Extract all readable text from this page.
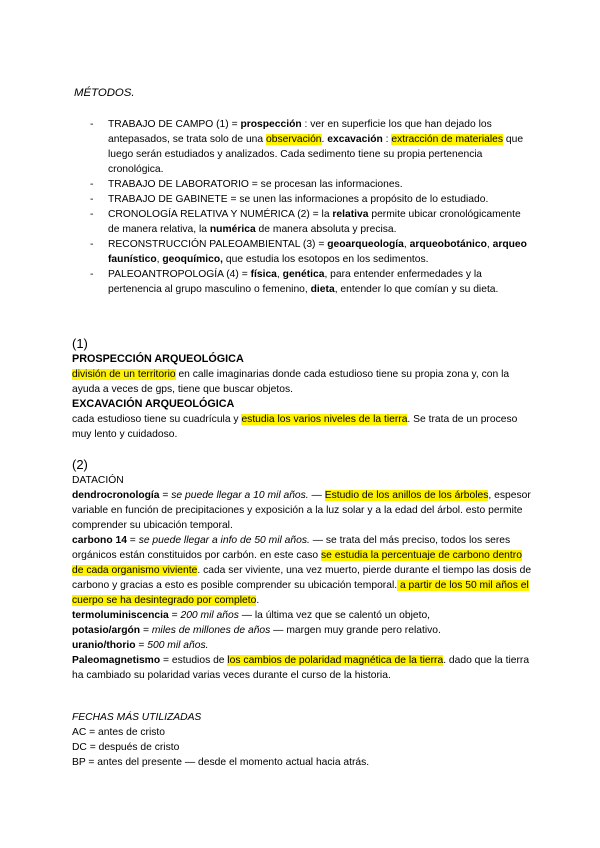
MÉTODOS.
- TRABAJO DE CAMPO (1) = prospección : ver en superficie los que han dejado los antepasados, se trata solo de una observación. excavación : extracción de materiales que luego serán estudiados y analizados. Cada sedimento tiene su propia pertenencia cronológica.
- TRABAJO DE LABORATORIO = se procesan las informaciones.
- TRABAJO DE GABINETE = se unen las informaciones a propósito de lo estudiado.
- CRONOLOGÍA RELATIVA Y NUMÉRICA (2) = la relativa permite ubicar cronológicamente de manera relativa, la numérica de manera absoluta y precisa.
- RECONSTRUCCIÓN PALEOAMBIENTAL (3) = geoarqueología, arqueobotánico, arqueo faunístico, geoquímico, que estudia los esotopos en los sedimentos.
- PALEOANTROPOLOGÍA (4) = física, genética, para entender enfermedades y la pertenencia al grupo masculino o femenino, dieta, entender lo que comían y su dieta.

(1)

PROSPECCIÓN ARQUEOLÓGICA

división de un territorio en calle imaginarias donde cada estudioso tiene su propia zona y, con la ayuda a veces de gps, tiene que buscar objetos.

EXCAVACIÓN ARQUEOLÓGICA

cada estudioso tiene su cuadrícula y estudia los varios niveles de la tierra. Se trata de un proceso muy lento y cuidadoso.

(2)

DATACIÓN

dendrocronología = se puede llegar a 10 mil años. — Estudio de los anillos de los árboles, espesor variable en función de precipitaciones y exposición a la luz solar y a la edad del árbol. esto permite comprender su ubicación temporal.

carbono 14 = se puede llegar a info de 50 mil años. — se trata del más preciso, todos los seres orgánicos están constituidos por carbón. en este caso se estudia la percentuaje de carbono dentro de cada organismo viviente. cada ser viviente, una vez muerto, pierde durante el tiempo las dosis de carbono y gracias a esto es posible comprender su ubicación temporal. a partir de los 50 mil años el cuerpo se ha desintegrado por completo.

termoluminiscencia = 200 mil años — la última vez que se calentó un objeto,

potasio/argón = miles de millones de años — margen muy grande pero relativo.

uranio/thorio = 500 mil años.

Paleomagnetismo = estudios de los cambios de polaridad magnética de la tierra. dado que la tierra ha cambiado su polaridad varias veces durante el curso de la historia.

FECHAS MÁS UTILIZADAS

AC = antes de cristo

DC = después de cristo

BP = antes del presente — desde el momento actual hacia atrás.
